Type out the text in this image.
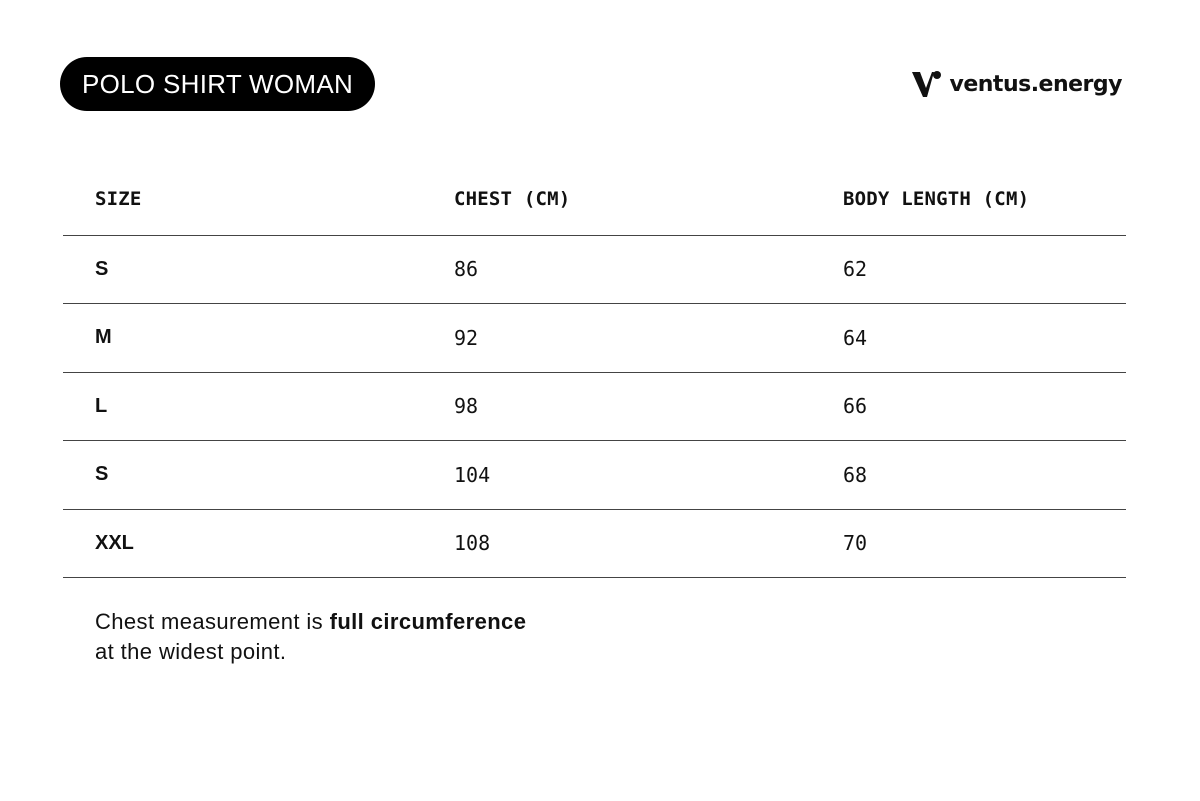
POLO SHIRT WOMAN	ventus.energy
SIZE	CHEST (CM)	BODY LENGTH (CM)
S	86	62
M	92	64
L	98	66
S	104	68
XXL	108	70
Chest measurement is full circumference
at the widest point.
